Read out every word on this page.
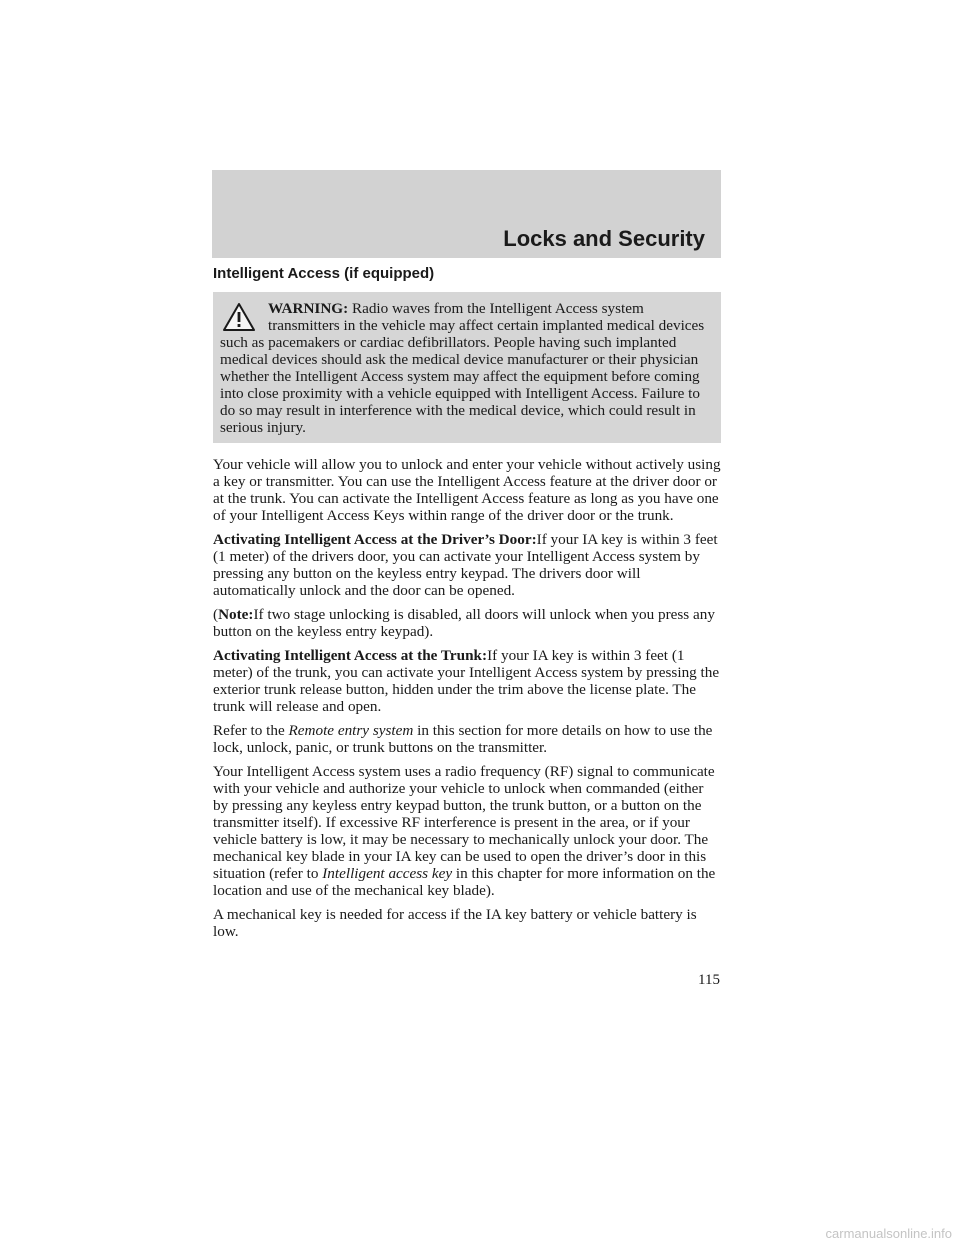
Locks and Security
Intelligent Access (if equipped)
WARNING: Radio waves from the Intelligent Access system transmitters in the vehicle may affect certain implanted medical devices such as pacemakers or cardiac defibrillators. People having such implanted medical devices should ask the medical device manufacturer or their physician whether the Intelligent Access system may affect the equipment before coming into close proximity with a vehicle equipped with Intelligent Access. Failure to do so may result in interference with the medical device, which could result in serious injury.

Your vehicle will allow you to unlock and enter your vehicle without actively using a key or transmitter. You can use the Intelligent Access feature at the driver door or at the trunk. You can activate the Intelligent Access feature as long as you have one of your Intelligent Access Keys within range of the driver door or the trunk.

Activating Intelligent Access at the Driver’s Door:If your IA key is within 3 feet (1 meter) of the drivers door, you can activate your Intelligent Access system by pressing any button on the keyless entry keypad. The drivers door will automatically unlock and the door can be opened.

(Note:If two stage unlocking is disabled, all doors will unlock when you press any button on the keyless entry keypad).

Activating Intelligent Access at the Trunk:If your IA key is within 3 feet (1 meter) of the trunk, you can activate your Intelligent Access system by pressing the exterior trunk release button, hidden under the trim above the license plate. The trunk will release and open.

Refer to the Remote entry system in this section for more details on how to use the lock, unlock, panic, or trunk buttons on the transmitter.

Your Intelligent Access system uses a radio frequency (RF) signal to communicate with your vehicle and authorize your vehicle to unlock when commanded (either by pressing any keyless entry keypad button, the trunk button, or a button on the transmitter itself). If excessive RF interference is present in the area, or if your vehicle battery is low, it may be necessary to mechanically unlock your door. The mechanical key blade in your IA key can be used to open the driver’s door in this situation (refer to Intelligent access key in this chapter for more information on the location and use of the mechanical key blade).

A mechanical key is needed for access if the IA key battery or vehicle battery is low.

115
carmanualsonline.info
